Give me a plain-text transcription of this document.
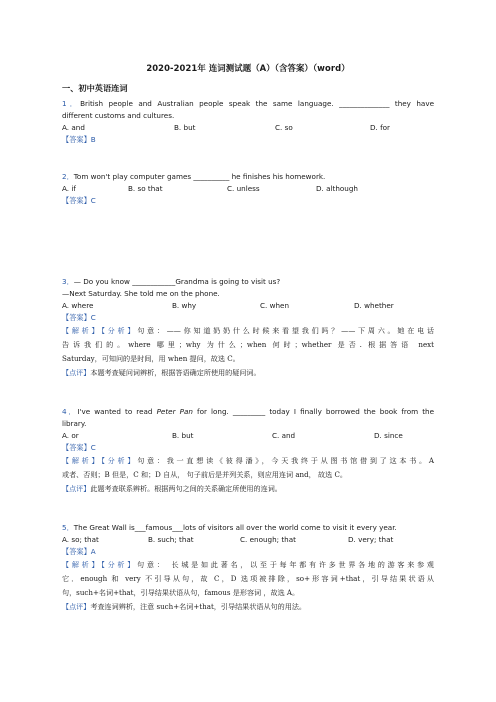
2020-2021年 连词测试题（A）（含答案）（word）
一、初中英语连词
1．British people and Australian people speak the same language. ______________ they have
different customs and cultures.
A. and	B. but	C. so	D. for
【答案】B
2．Tom won't play computer games __________ he finishes his homework.
A. if	B. so that	C. unless	D. although
【答案】C
3．— Do you know ____________Grandma is going to visit us?
—Next Saturday. She told me on the phone.
A. where	B. why	C. when	D. whether
【答案】C
【解析】【分析】句意：——你知道奶奶什么时候来看望我们吗？——下周六。她在电话
告诉我们的。where 哪里；why 为什么；when 何时；whether 是否. 根据答语 next
Saturday，可知问的是时间，用 when 提问，故选 C。
【点评】本题考查疑问词辨析，根据答语确定所使用的疑问词。
4．I've wanted to read Peter Pan for long. _________ today I finally borrowed the book from the
library.
A. or	B. but	C. and	D. since
【答案】C
【解析】【分析】句意：我一直想读《彼得潘》，今天我终于从图书馆借到了这本书。A
或者、否则；B 但是，C 和；D 自从， 句子前后是并列关系，则应用连词 and， 故选 C。
【点评】此题考查联系辨析。根据两句之间的关系确定所使用的连词。
5．The Great Wall is___famous___lots of visitors all over the world come to visit it every year.
A. so; that	B. such; that	C. enough; that	D. very; that
【答案】A
【解析】【分析】句意： 长城是如此著名，以至于每年都有许多世界各地的游客来参观
它．enough 和 very 不引导从句，故 C，D 选项被排除，so+形容词+that，引导结果状语从
句，such+名词+that，引导结果状语从句，famous 是形容词 ，故选 A。
【点评】考查连词辨析，注意 such+名词+that，引导结果状语从句的用法。
